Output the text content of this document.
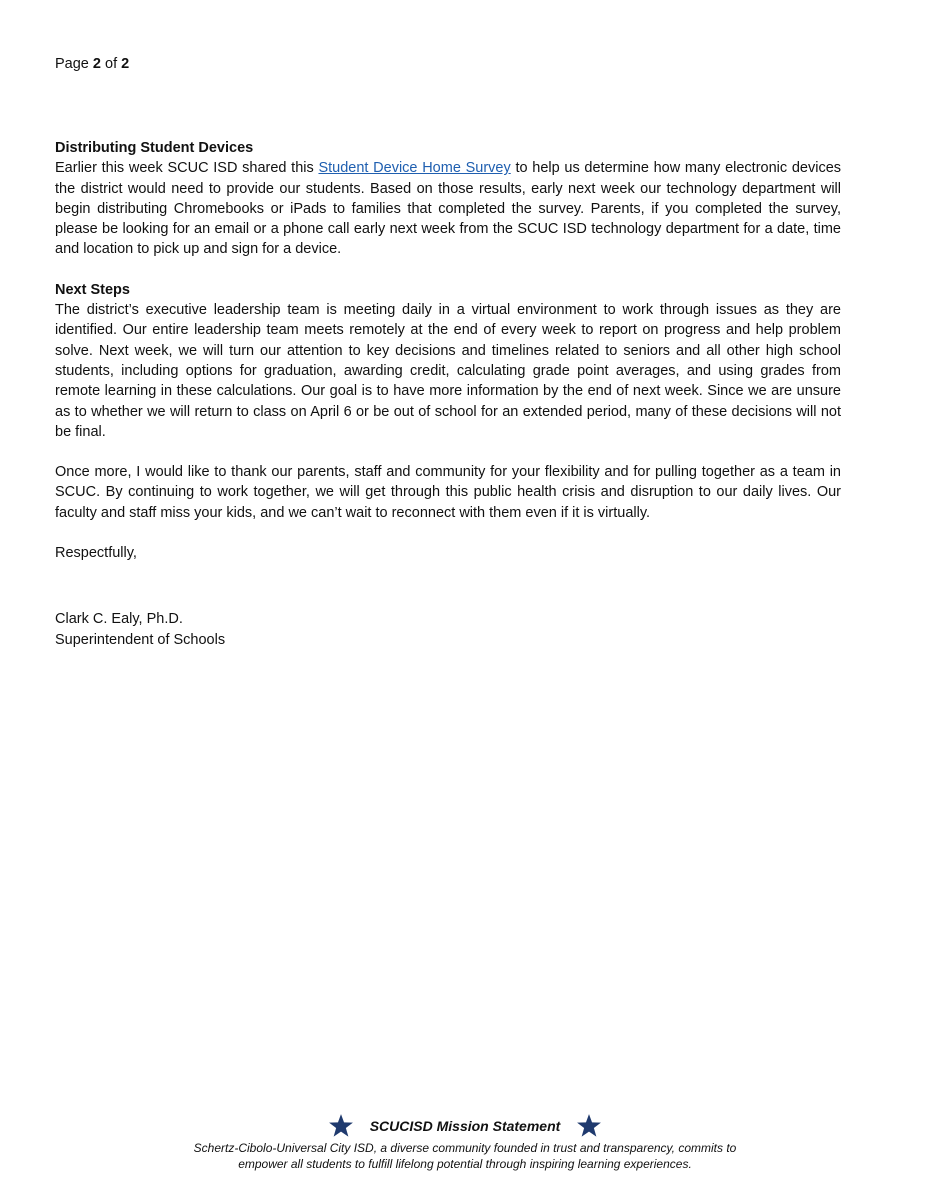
Page 2 of 2
Distributing Student Devices

Earlier this week SCUC ISD shared this Student Device Home Survey to help us determine how many electronic devices the district would need to provide our students. Based on those results, early next week our technology department will begin distributing Chromebooks or iPads to families that completed the survey. Parents, if you completed the survey, please be looking for an email or a phone call early next week from the SCUC ISD technology department for a date, time and location to pick up and sign for a device.

Next Steps

The district’s executive leadership team is meeting daily in a virtual environment to work through issues as they are identified. Our entire leadership team meets remotely at the end of every week to report on progress and help problem solve. Next week, we will turn our attention to key decisions and timelines related to seniors and all other high school students, including options for graduation, awarding credit, calculating grade point averages, and using grades from remote learning in these calculations. Our goal is to have more information by the end of next week. Since we are unsure as to whether we will return to class on April 6 or be out of school for an extended period, many of these decisions will not be final.

Once more, I would like to thank our parents, staff and community for your flexibility and for pulling together as a team in SCUC. By continuing to work together, we will get through this public health crisis and disruption to our daily lives. Our faculty and staff miss your kids, and we can’t wait to reconnect with them even if it is virtually.

Respectfully,
Clark C. Ealy, Ph.D.
Superintendent of Schools
SCUCISD Mission Statement
Schertz-Cibolo-Universal City ISD, a diverse community founded in trust and transparency, commits to
empower all students to fulfill lifelong potential through inspiring learning experiences.
